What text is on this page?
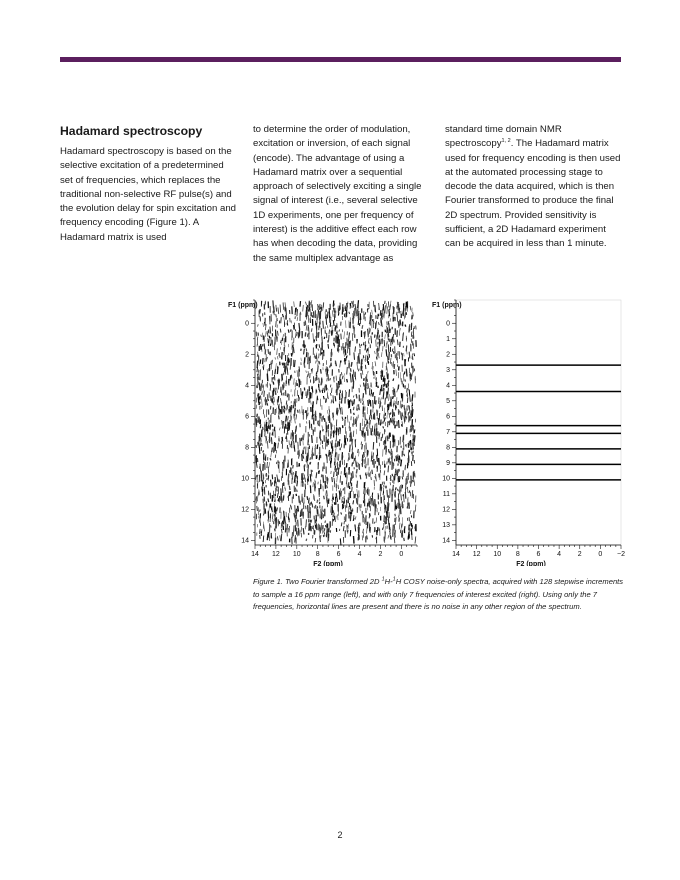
Hadamard spectroscopy

Hadamard spectroscopy is based on the selective excitation of a predetermined set of frequencies, which replaces the traditional non-selective RF pulse(s) and the evolution delay for spin excitation and frequency encoding (Figure 1). A Hadamard matrix is used

to determine the order of modulation, excitation or inversion, of each signal (encode). The advantage of using a Hadamard matrix over a sequential approach of selectively exciting a single signal of interest (i.e., several selective 1D experiments, one per frequency of interest) is the additive effect each row has when decoding the data, providing the same multiplex advantage as

standard time domain NMR spectroscopy$^{1, 2}$. The Hadamard matrix used for frequency encoding is then used at the automated processing stage to decode the data acquired, which is then Fourier transformed to produce the final 2D spectrum. Provided sensitivity is sufficient, a 2D Hadamard experiment can be acquired in less than 1 minute.

F1 (ppm)
0
2
4
6
8
10
12
14
14 12 10 8 6 4 2 0
F2 (ppm)
F1 (ppm)
0
1
2
3
4
5
6
7
8
9
10
11
12
13
14
14 12 10 8 6 4 2 0 −2
F2 (ppm)
Figure 1. Two Fourier transformed 2D $^1$H-$^1$H COSY noise-only spectra, acquired with 128 stepwise increments to sample a 16 ppm range (left), and with only 7 frequencies of interest excited (right). Using only the 7 frequencies, horizontal lines are present and there is no noise in any other region of the spectrum.
2
